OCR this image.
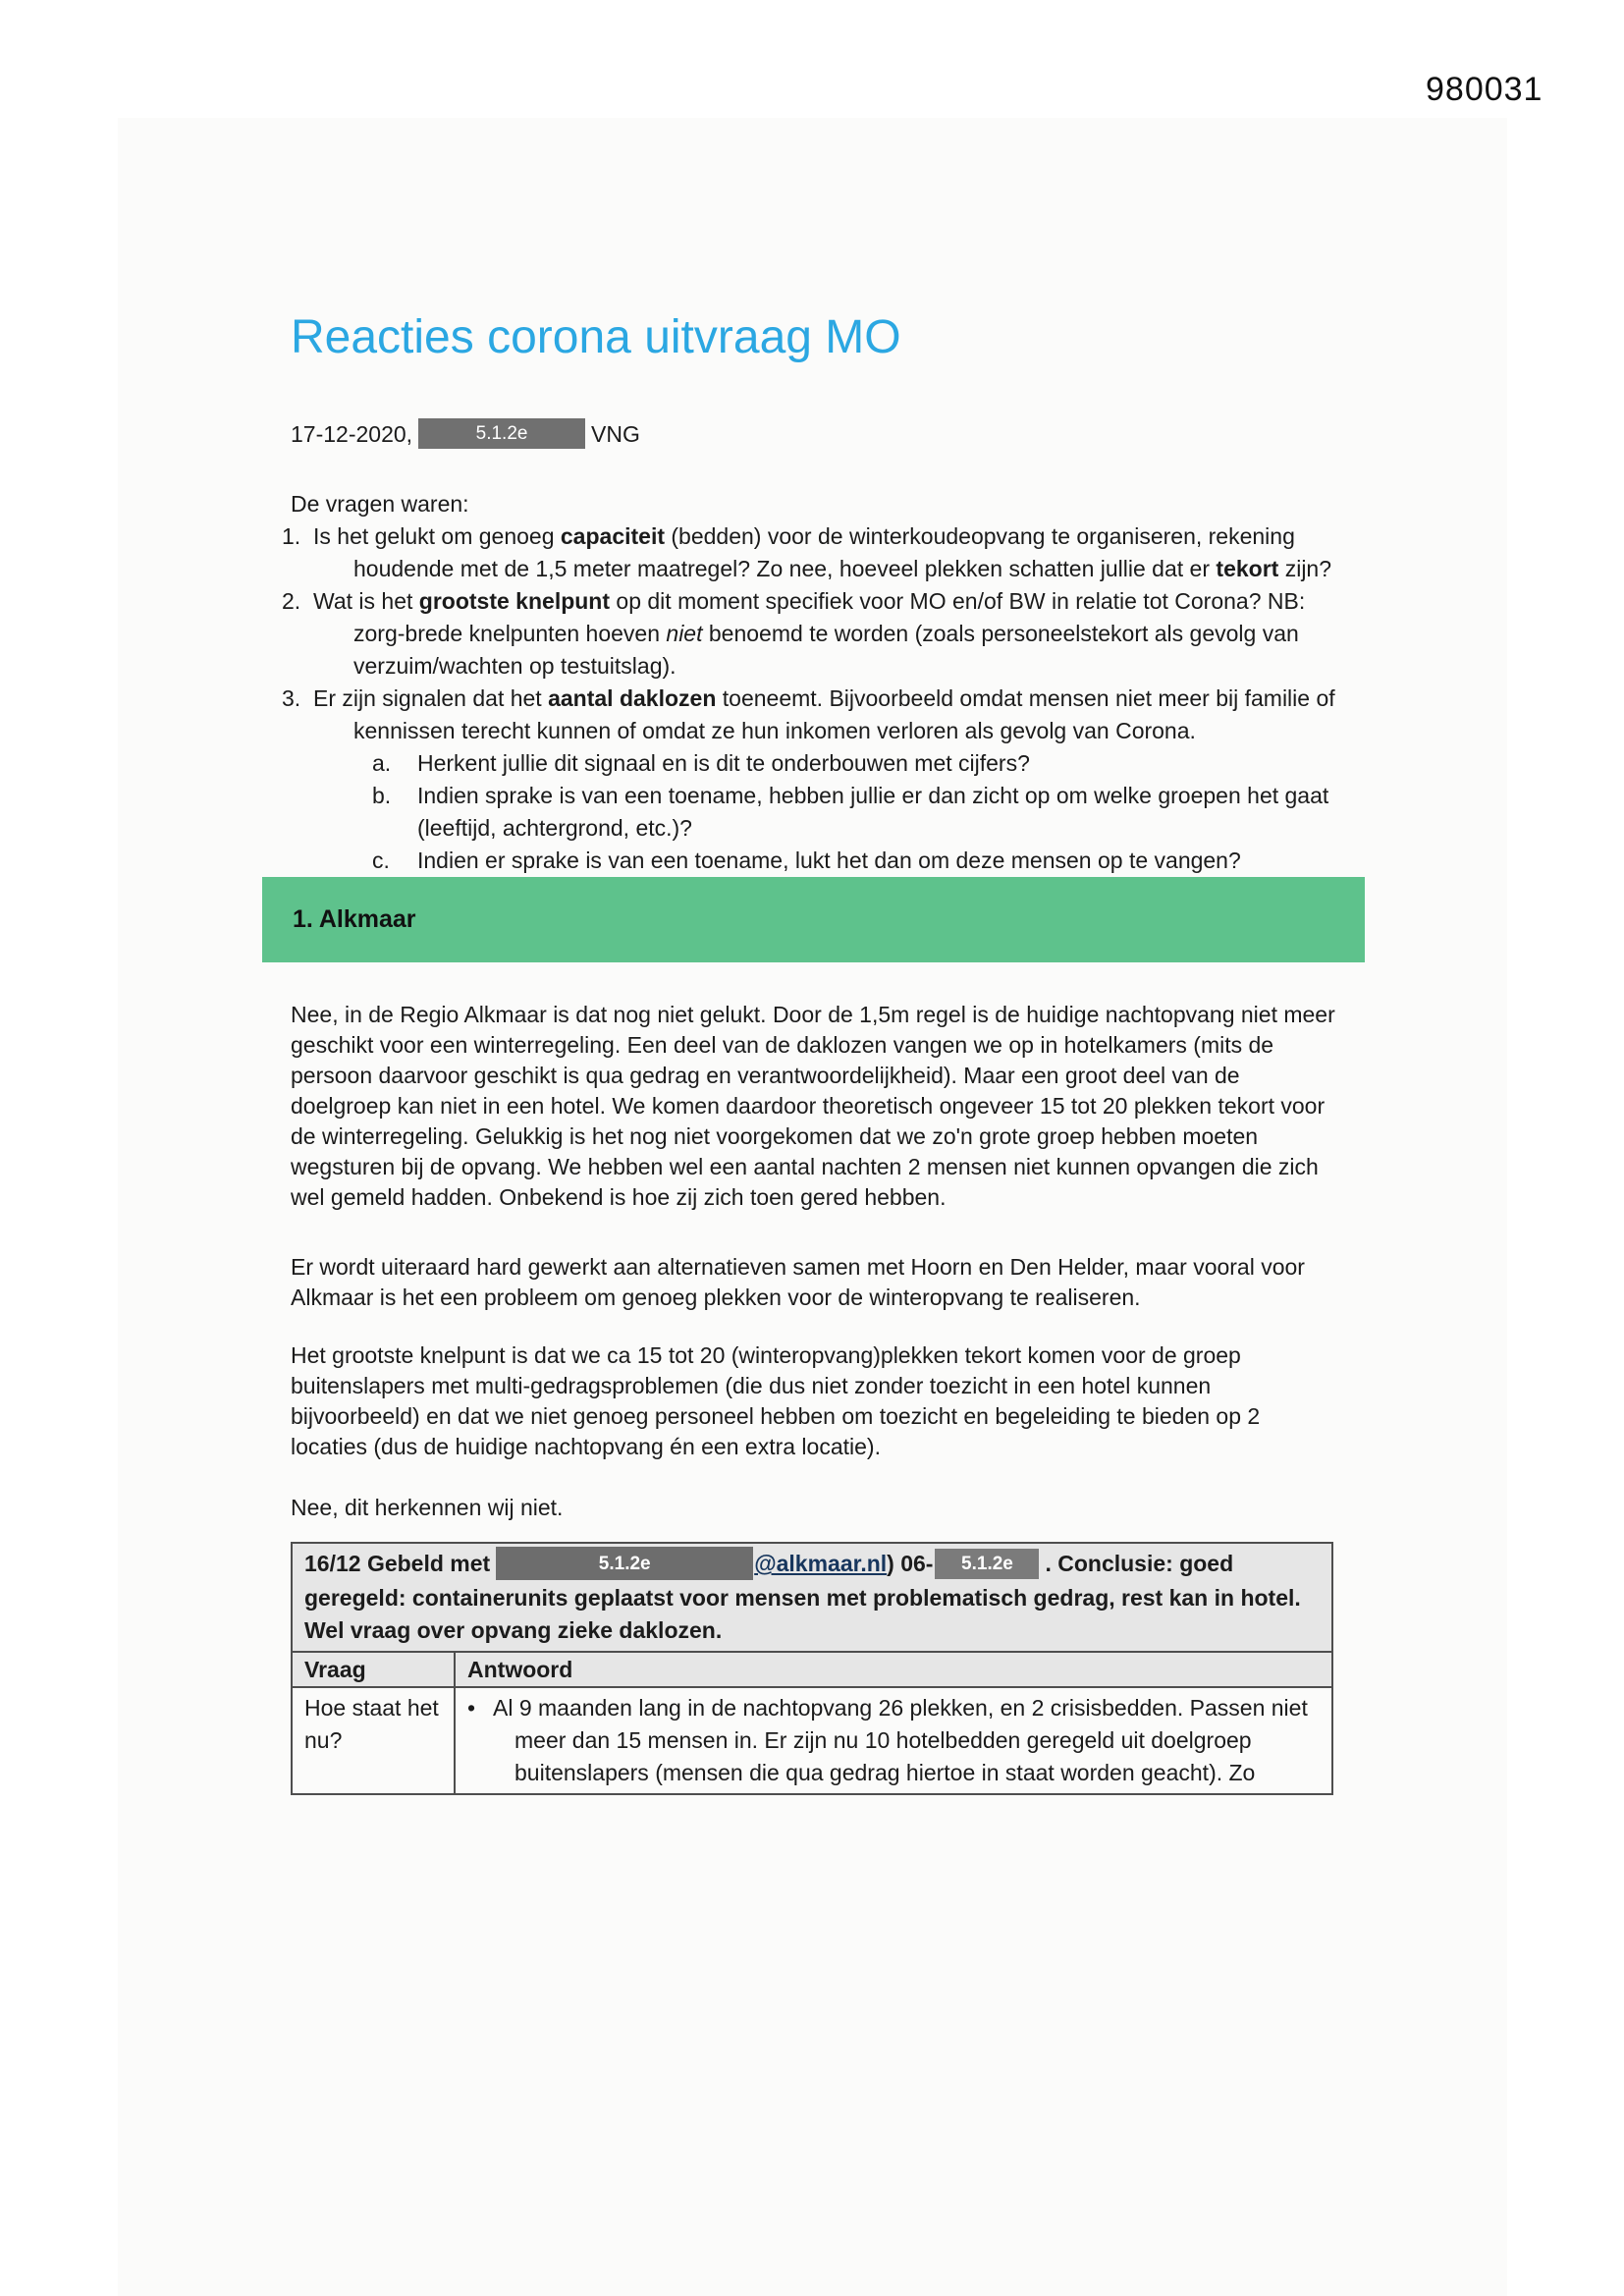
980031
Reacties corona uitvraag MO
17-12-2020,	5.1.2e	VNG
De vragen waren:
1. Is het gelukt om genoeg capaciteit (bedden) voor de winterkoudeopvang te organiseren, rekening houdende met de 1,5 meter maatregel? Zo nee, hoeveel plekken schatten jullie dat er tekort zijn?
2. Wat is het grootste knelpunt op dit moment specifiek voor MO en/of BW in relatie tot Corona? NB: zorg-brede knelpunten hoeven niet benoemd te worden (zoals personeelstekort als gevolg van verzuim/wachten op testuitslag).
3. Er zijn signalen dat het aantal daklozen toeneemt. Bijvoorbeeld omdat mensen niet meer bij familie of kennissen terecht kunnen of omdat ze hun inkomen verloren als gevolg van Corona.
a. Herkent jullie dit signaal en is dit te onderbouwen met cijfers?
b. Indien sprake is van een toename, hebben jullie er dan zicht op om welke groepen het gaat (leeftijd, achtergrond, etc.)?
c. Indien er sprake is van een toename, lukt het dan om deze mensen op te vangen?
1. Alkmaar

Nee, in de Regio Alkmaar is dat nog niet gelukt. Door de 1,5m regel is de huidige nachtopvang niet meer geschikt voor een winterregeling. Een deel van de daklozen vangen we op in hotelkamers (mits de persoon daarvoor geschikt is qua gedrag en verantwoordelijkheid). Maar een groot deel van de doelgroep kan niet in een hotel. We komen daardoor theoretisch ongeveer 15 tot 20 plekken tekort voor de winterregeling. Gelukkig is het nog niet voorgekomen dat we zo'n grote groep hebben moeten wegsturen bij de opvang. We hebben wel een aantal nachten 2 mensen niet kunnen opvangen die zich wel gemeld hadden. Onbekend is hoe zij zich toen gered hebben.

Er wordt uiteraard hard gewerkt aan alternatieven samen met Hoorn en Den Helder, maar vooral voor Alkmaar is het een probleem om genoeg plekken voor de winteropvang te realiseren.

Het grootste knelpunt is dat we ca 15 tot 20 (winteropvang)plekken tekort komen voor de groep buitenslapers met multi-gedragsproblemen (die dus niet zonder toezicht in een hotel kunnen bijvoorbeeld) en dat we niet genoeg personeel hebben om toezicht en begeleiding te bieden op 2 locaties (dus de huidige nachtopvang én een extra locatie).

Nee, dit herkennen wij niet.

16/12 Gebeld met 5.1.2e @alkmaar.nl) 06- 5.1.2e . Conclusie: goed geregeld: containerunits geplaatst voor mensen met problematisch gedrag, rest kan in hotel. Wel vraag over opvang zieke daklozen.	
Vraag	Antwoord
Hoe staat het nu?	• Al 9 maanden lang in de nachtopvang 26 plekken, en 2 crisisbedden. Passen niet meer dan 15 mensen in. Er zijn nu 10 hotelbedden geregeld uit doelgroep buitenslapers (mensen die qua gedrag hiertoe in staat worden geacht). Zo
